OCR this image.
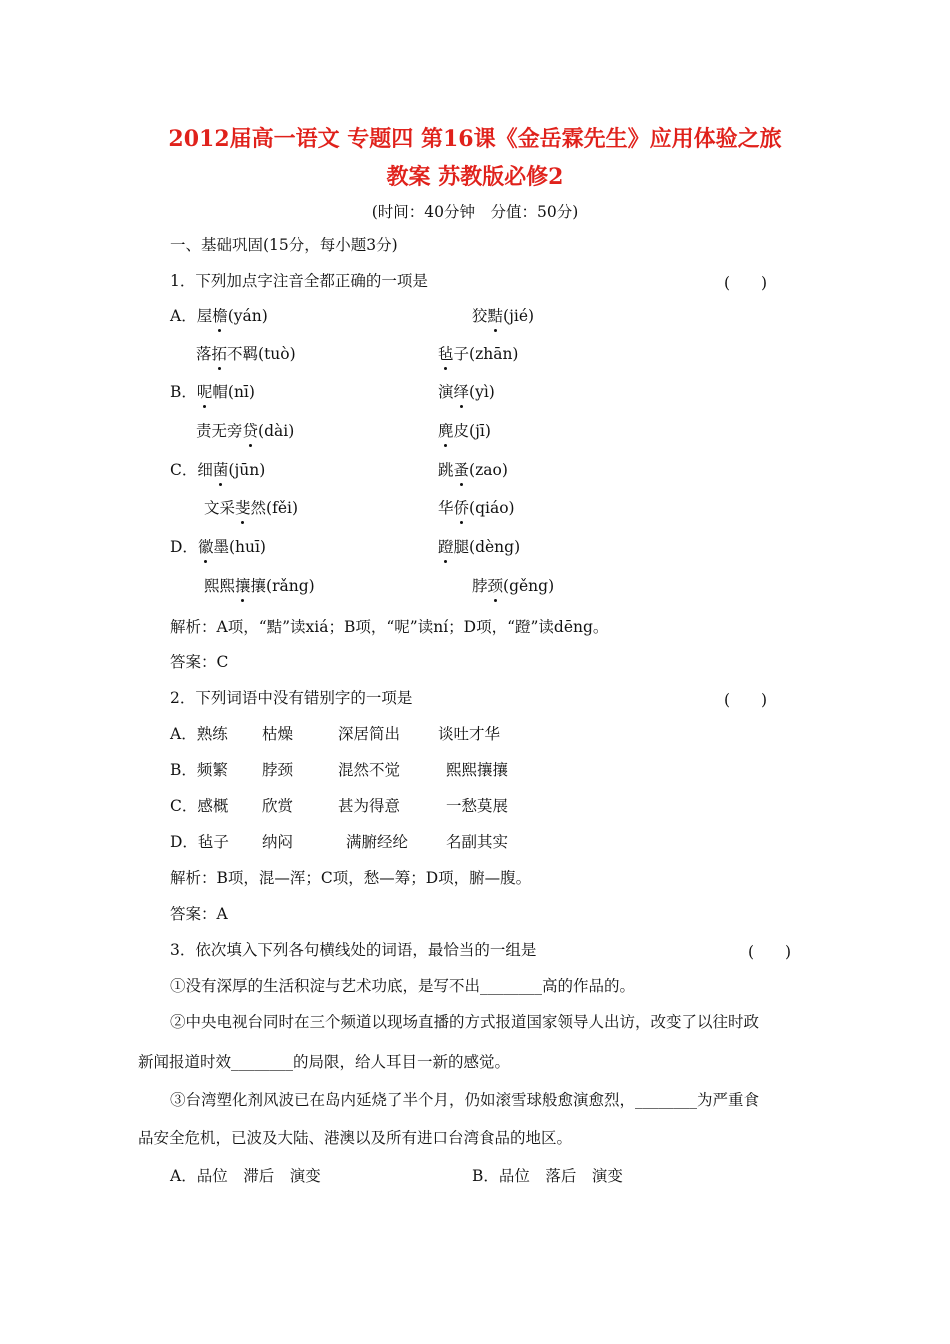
2012届高一语文 专题四 第16课《金岳霖先生》应用体验之旅
教案 苏教版必修2
(时间：40分钟　分值：50分)
一、基础巩固(15分，每小题3分)
1．下列加点字注音全都正确的一项是	(　　)
A．屋檐(yán)	狡黠(jié)
落拓不羁(tuò)	毡子(zhān)
B．呢帽(nī)	演绎(yì)
责无旁贷(dài)	麂皮(jī)
C．细菌(jūn)	跳蚤(zao)
文采斐然(fěi)	华侨(qiáo)
D．徽墨(huī)	蹬腿(dèng)
熙熙攘攘(rǎng)	脖颈(gěng)
解析：A项，“黠”读xiá；B项，“呢”读ní；D项，“蹬”读dēng。
答案：C
2．下列词语中没有错别字的一项是	(　　)
A．熟练 枯燥	深居简出 谈吐才华
B．频繁 脖颈	混然不觉	熙熙攘攘
C．感概 欣赏	甚为得意	一愁莫展
D．毡子 纳闷	满腑经纶 名副其实
解析：B项，混—浑；C项，愁—筹；D项，腑—腹。
答案：A
3．依次填入下列各句横线处的词语，最恰当的一组是	(　　)
①没有深厚的生活积淀与艺术功底，是写不出________高的作品的。
②中央电视台同时在三个频道以现场直播的方式报道国家领导人出访，改变了以往时政
新闻报道时效________的局限，给人耳目一新的感觉。
③台湾塑化剂风波已在岛内延烧了半个月，仍如滚雪球般愈演愈烈，________为严重食
品安全危机，已波及大陆、港澳以及所有进口台湾食品的地区。
A．品位　滞后　演变	B．品位　落后　演变
